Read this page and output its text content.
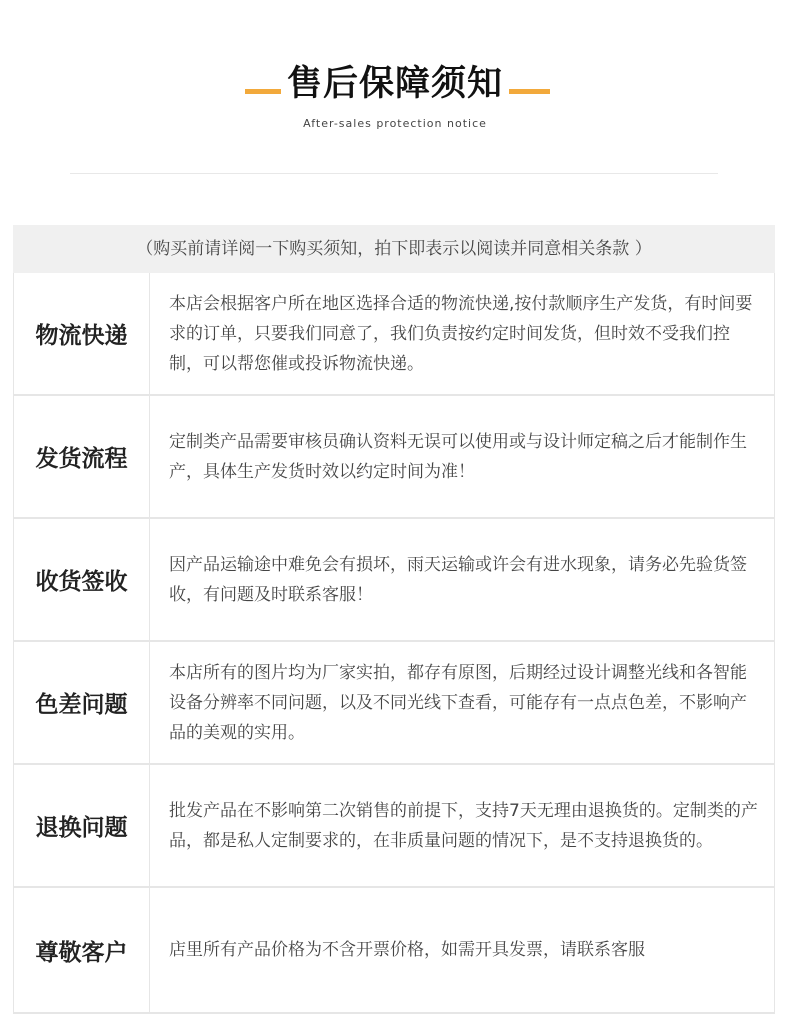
售后保障须知
After-sales protection notice
（购买前请详阅一下购买须知，拍下即表示以阅读并同意相关条款 ）
物流快递

本店会根据客户所在地区选择合适的物流快递,按付款顺序生产发货，有时间要求的订单，只要我们同意了，我们负责按约定时间发货，但时效不受我们控制，可以帮您催或投诉物流快递。

发货流程

定制类产品需要审核员确认资料无误可以使用或与设计师定稿之后才能制作生产，具体生产发货时效以约定时间为准！

收货签收

因产品运输途中难免会有损坏，雨天运输或许会有进水现象，请务必先验货签收，有问题及时联系客服！

色差问题

本店所有的图片均为厂家实拍，都存有原图，后期经过设计调整光线和各智能设备分辨率不同问题，以及不同光线下查看，可能存有一点点色差，不影响产品的美观的实用。

退换问题

批发产品在不影响第二次销售的前提下，支持7天无理由退换货的。定制类的产品，都是私人定制要求的，在非质量问题的情况下，是不支持退换货的。

尊敬客户	店里所有产品价格为不含开票价格，如需开具发票，请联系客服
